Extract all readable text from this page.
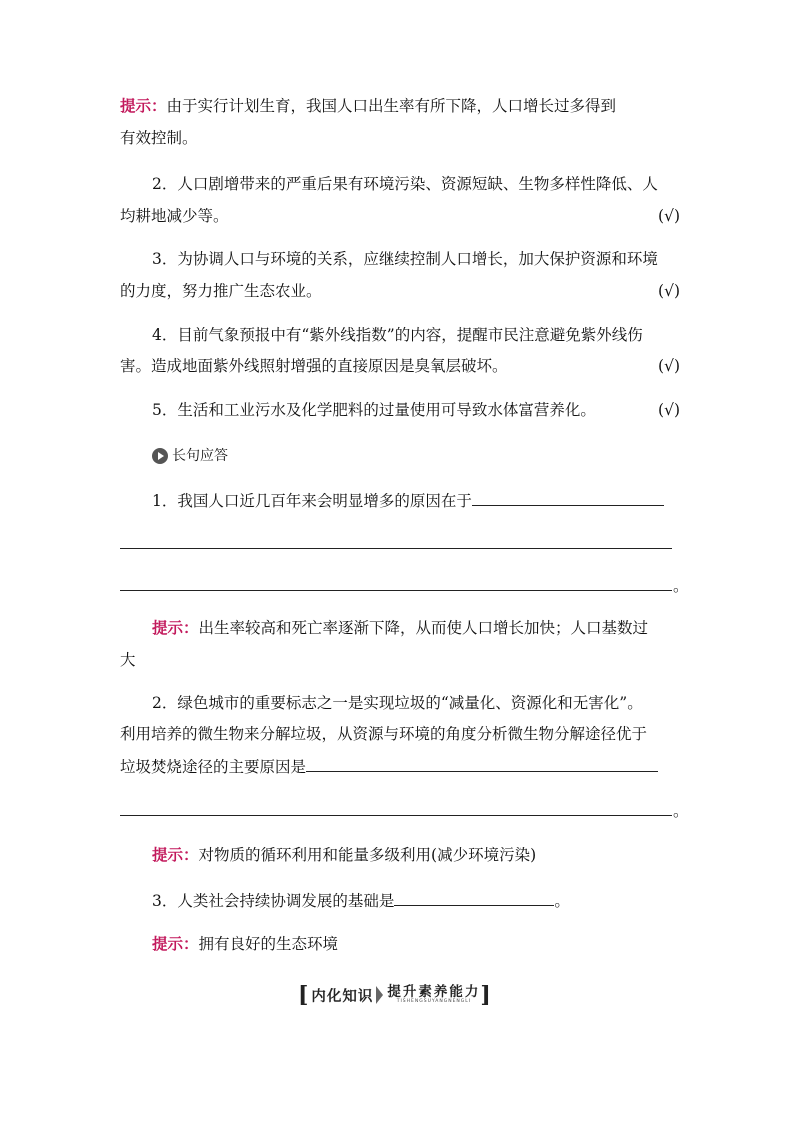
提示：由于实行计划生育，我国人口出生率有所下降，人口增长过多得到
有效控制。
2．人口剧增带来的严重后果有环境污染、资源短缺、生物多样性降低、人
均耕地减少等。	(√)
3．为协调人口与环境的关系，应继续控制人口增长，加大保护资源和环境
的力度，努力推广生态农业。	(√)
4．目前气象预报中有“紫外线指数”的内容，提醒市民注意避免紫外线伤
害。造成地面紫外线照射增强的直接原因是臭氧层破坏。	(√)
5．生活和工业污水及化学肥料的过量使用可导致水体富营养化。	(√)
长句应答
1．我国人口近几百年来会明显增多的原因在于
。
提示：出生率较高和死亡率逐渐下降，从而使人口增长加快；人口基数过
大
2．绿色城市的重要标志之一是实现垃圾的“减量化、资源化和无害化”。
利用培养的微生物来分解垃圾，从资源与环境的角度分析微生物分解途径优于
垃圾焚烧途径的主要原因是
。
提示：对物质的循环利用和能量多级利用(减少环境污染)
3．人类社会持续协调发展的基础是	。
提示：拥有良好的生态环境
[ 内化知识 提升素养能力
TISHENGSUYANGNENGLI ]
